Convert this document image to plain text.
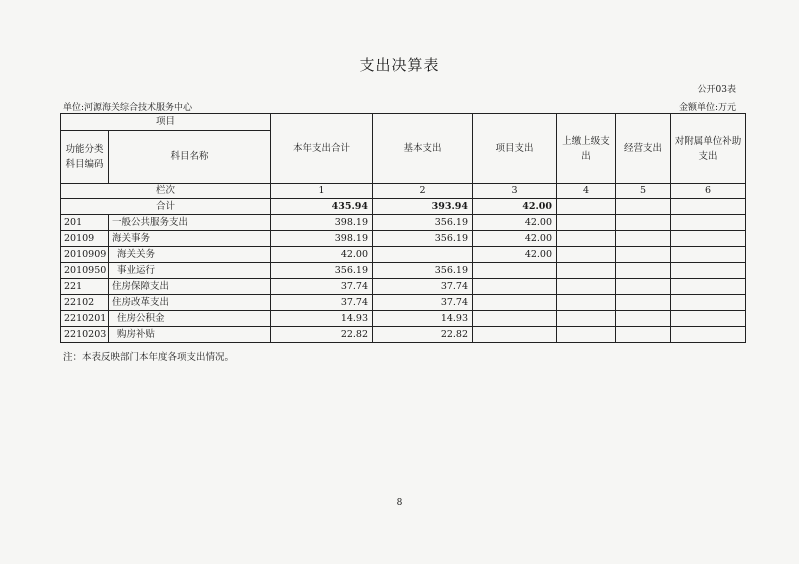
支出决算表
公开03表
单位:河源海关综合技术服务中心	金额单位:万元
项目		本年支出合计	基本支出	项目支出	上缴上级支出	经营支出	对附属单位补助支出
功能分类科目编码	科目名称						
栏次		1	2	3	4	5	6
合计		435.94	393.94	42.00			
201	一般公共服务支出	398.19	356.19	42.00			
20109	海关事务	398.19	356.19	42.00			
2010909	海关关务	42.00		42.00			
2010950	事业运行	356.19	356.19				
221	住房保障支出	37.74	37.74				
22102	住房改革支出	37.74	37.74				
2210201	住房公积金	14.93	14.93				
2210203	购房补贴	22.82	22.82				
注：本表反映部门本年度各项支出情况。
8
